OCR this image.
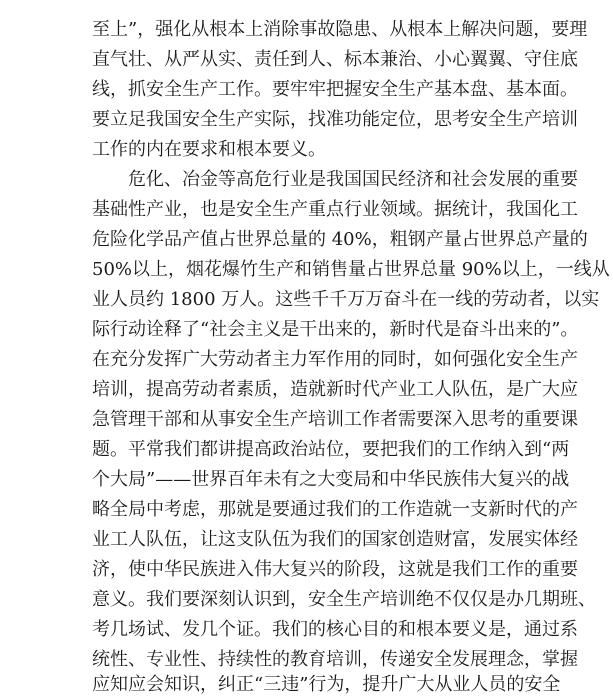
至上”，强化从根本上消除事故隐患、从根本上解决问题，要理
直气壮、从严从实、责任到人、标本兼治、小心翼翼、守住底
线，抓安全生产工作。要牢牢把握安全生产基本盘、基本面。
要立足我国安全生产实际，找准功能定位，思考安全生产培训
工作的内在要求和根本要义。
危化、冶金等高危行业是我国国民经济和社会发展的重要
基础性产业，也是安全生产重点行业领域。据统计，我国化工
危险化学品产值占世界总量的 40%，粗钢产量占世界总产量的
50%以上，烟花爆竹生产和销售量占世界总量 90%以上，一线从
业人员约 1800 万人。这些千千万万奋斗在一线的劳动者，以实
际行动诠释了“社会主义是干出来的，新时代是奋斗出来的”。
在充分发挥广大劳动者主力军作用的同时，如何强化安全生产
培训，提高劳动者素质，造就新时代产业工人队伍，是广大应
急管理干部和从事安全生产培训工作者需要深入思考的重要课
题。平常我们都讲提高政治站位，要把我们的工作纳入到“两
个大局”——世界百年未有之大变局和中华民族伟大复兴的战
略全局中考虑，那就是要通过我们的工作造就一支新时代的产
业工人队伍，让这支队伍为我们的国家创造财富，发展实体经
济，使中华民族进入伟大复兴的阶段，这就是我们工作的重要
意义。我们要深刻认识到，安全生产培训绝不仅仅是办几期班、
考几场试、发几个证。我们的核心目的和根本要义是，通过系
统性、专业性、持续性的教育培训，传递安全发展理念，掌握
应知应会知识，纠正“三违”行为，提升广大从业人员的安全
